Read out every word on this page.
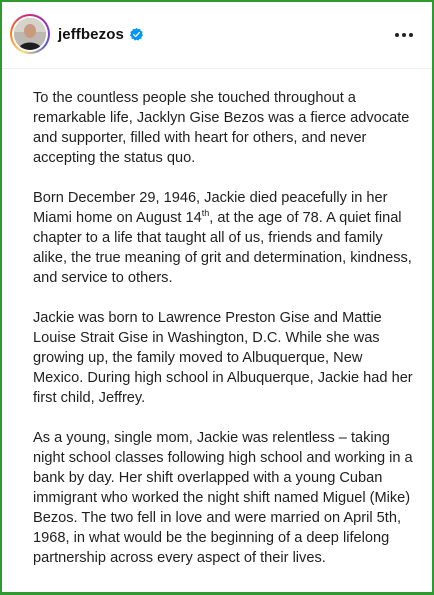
jeffbezos

To the countless people she touched throughout a remarkable life, Jacklyn Gise Bezos was a fierce advocate and supporter, filled with heart for others, and never accepting the status quo.

Born December 29, 1946, Jackie died peacefully in her Miami home on August 14th, at the age of 78. A quiet final chapter to a life that taught all of us, friends and family alike, the true meaning of grit and determination, kindness, and service to others.

Jackie was born to Lawrence Preston Gise and Mattie Louise Strait Gise in Washington, D.C. While she was growing up, the family moved to Albuquerque, New Mexico. During high school in Albuquerque, Jackie had her first child, Jeffrey.

As a young, single mom, Jackie was relentless – taking night school classes following high school and working in a bank by day. Her shift overlapped with a young Cuban immigrant who worked the night shift named Miguel (Mike) Bezos. The two fell in love and were married on April 5th, 1968, in what would be the beginning of a deep lifelong partnership across every aspect of their lives.
